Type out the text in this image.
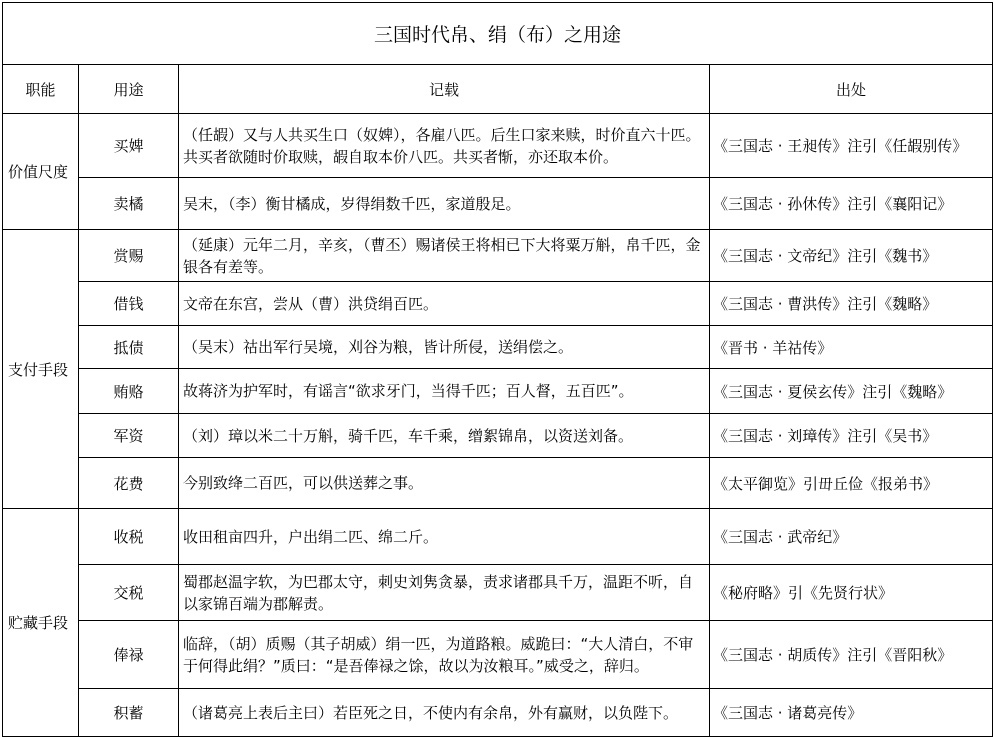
三国时代帛、绢（布）之用途			
职能	用途	记载	出处
价值尺度	买婢	（任嘏）又与人共买生口（奴婢），各雇八匹。后生口家来赎，时价直六十匹。共买者欲随时价取赎，嘏自取本价八匹。共买者惭，亦还取本价。	《三国志 · 王昶传》注引《任嘏别传》
	卖橘	吴末，（李）衡甘橘成，岁得绢数千匹，家道殷足。	《三国志 · 孙休传》注引《襄阳记》
支付手段	赏赐	（延康）元年二月，辛亥，（曹丕）赐诸侯王将相已下大将粟万斛，帛千匹，金银各有差等。	《三国志 · 文帝纪》注引《魏书》
	借钱	文帝在东宫，尝从（曹）洪贷绢百匹。	《三国志 · 曹洪传》注引《魏略》
	抵债	（吴末）祜出军行吴境，刈谷为粮，皆计所侵，送绢偿之。	《晋书 · 羊祜传》
	贿赂	故蒋济为护军时，有谣言“欲求牙门，当得千匹；百人督，五百匹”。	《三国志 · 夏侯玄传》注引《魏略》
	军资	（刘）璋以米二十万斛，骑千匹，车千乘，缯絮锦帛，以资送刘备。	《三国志 · 刘璋传》注引《吴书》
	花费	今别致绛二百匹，可以供送葬之事。	《太平御览》引毌丘俭《报弟书》
贮藏手段	收税	收田租亩四升，户出绢二匹、绵二斤。	《三国志 · 武帝纪》
	交税	蜀郡赵温字软，为巴郡太守，刺史刘隽贪暴，责求诸郡具千万，温距不听，自以家锦百端为郡解责。	《秘府略》引《先贤行状》
	俸禄	临辞，（胡）质赐（其子胡威）绢一匹，为道路粮。威跪曰：“大人清白，不审于何得此绢？”质曰：“是吾俸禄之馀，故以为汝粮耳。”威受之，辞归。	《三国志 · 胡质传》注引《晋阳秋》
	积蓄	（诸葛亮上表后主曰）若臣死之日，不使内有余帛，外有赢财，以负陛下。	《三国志 · 诸葛亮传》
